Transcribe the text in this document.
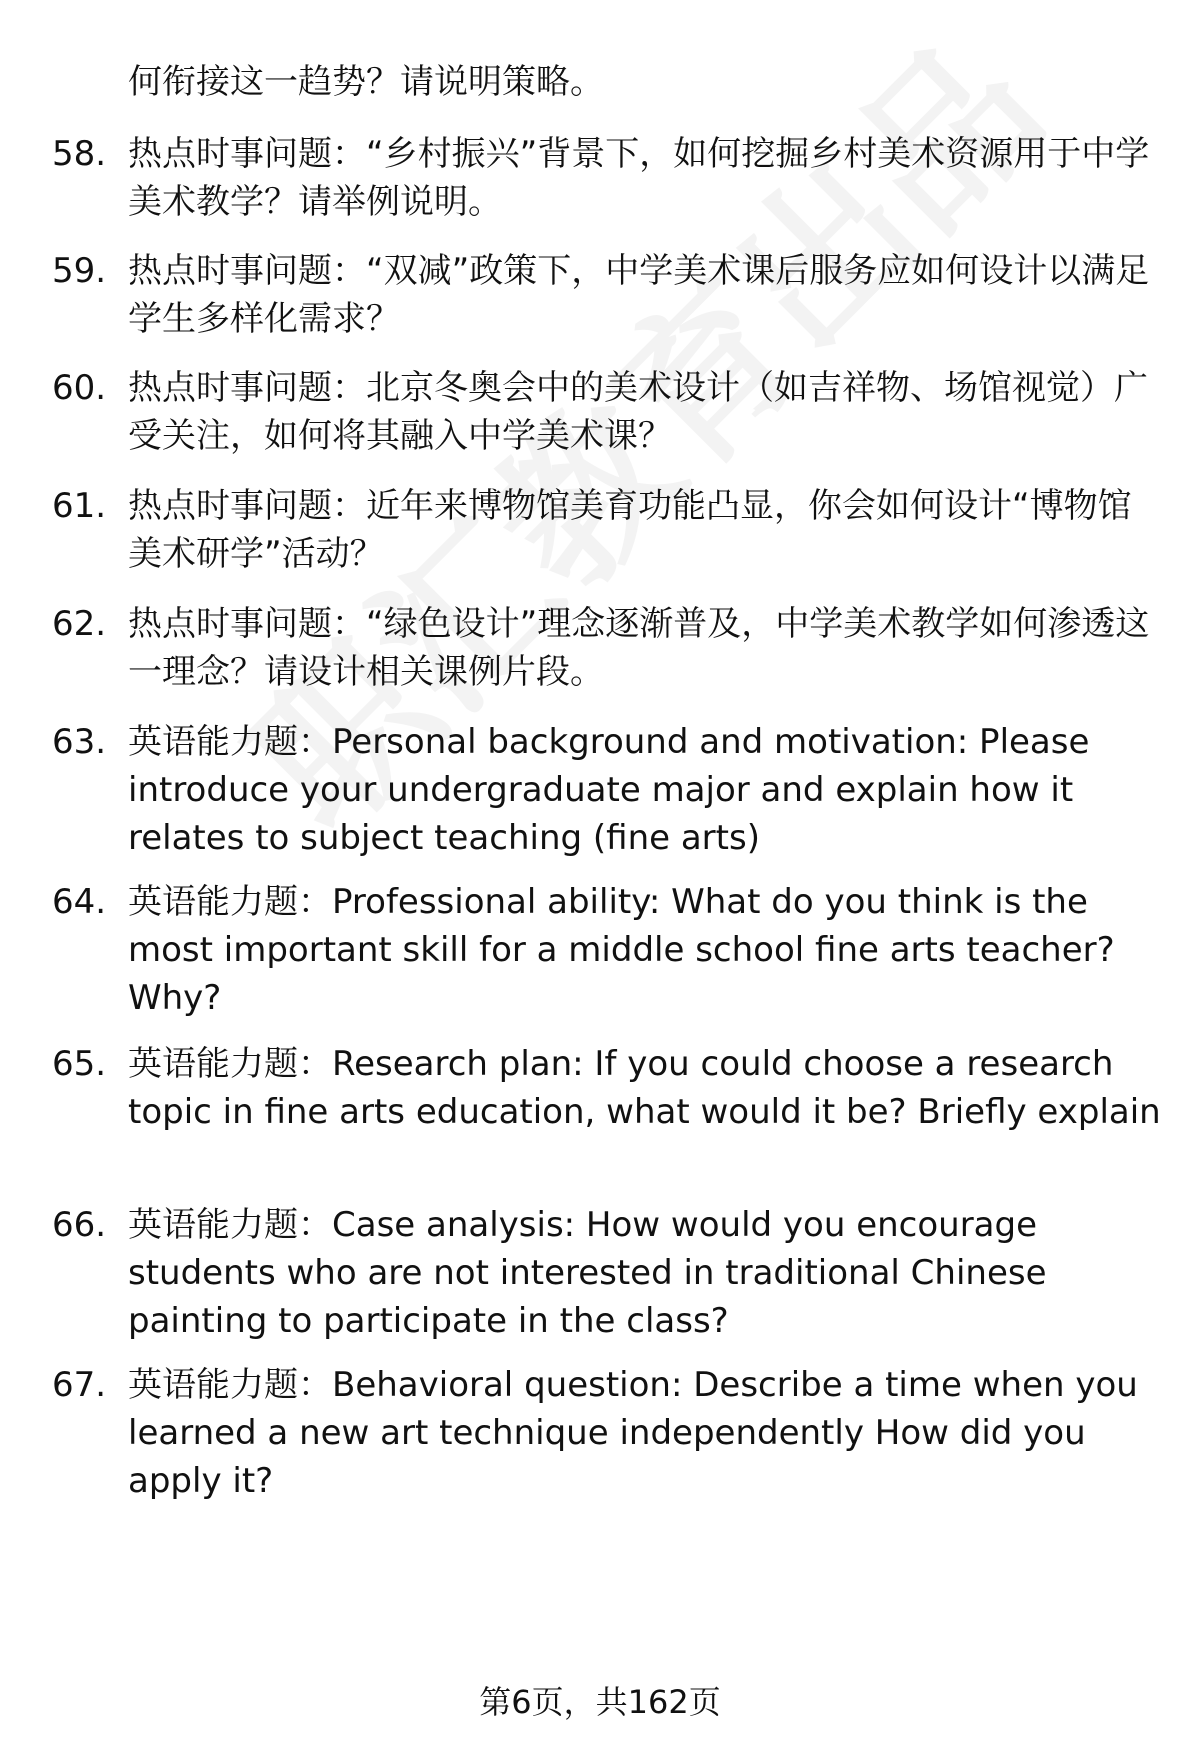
何衔接这一趋势？请说明策略。
58. 热点时事问题：“乡村振兴”背景下，如何挖掘乡村美术资源用于中学美术教学？请举例说明。
59. 热点时事问题：“双减”政策下，中学美术课后服务应如何设计以满足学生多样化需求？
60. 热点时事问题：北京冬奥会中的美术设计（如吉祥物、场馆视觉）广受关注，如何将其融入中学美术课？
61. 热点时事问题：近年来博物馆美育功能凸显，你会如何设计“博物馆美术研学”活动？
62. 热点时事问题：“绿色设计”理念逐渐普及，中学美术教学如何渗透这一理念？请设计相关课例片段。
63. 英语能力题：Personal background and motivation: Please introduce your undergraduate major and explain how it relates to subject teaching (fine arts)
64. 英语能力题：Professional ability: What do you think is the most important skill for a middle school fine arts teacher? Why?
65. 英语能力题：Research plan: If you could choose a research topic in fine arts education, what would it be? Briefly explain
66. 英语能力题：Case analysis: How would you encourage students who are not interested in traditional Chinese painting to participate in the class?
67. 英语能力题：Behavioral question: Describe a time when you learned a new art technique independently How did you apply it?
第6页，共162页
